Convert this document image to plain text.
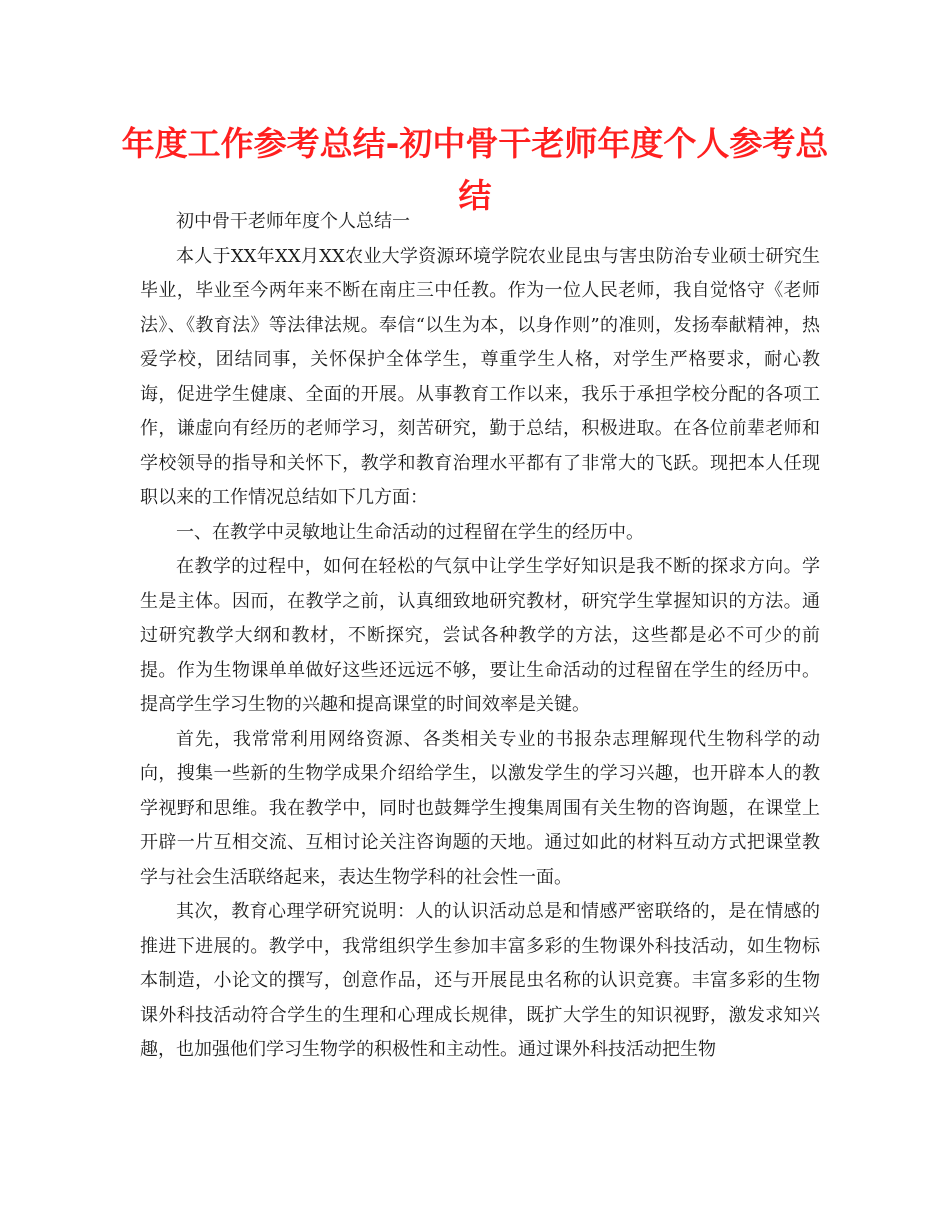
年度工作参考总结-初中骨干老师年度个人参考总结

初中骨干老师年度个人总结一

本人于XX年XX月XX农业大学资源环境学院农业昆虫与害虫防治专业硕士研究生毕业，毕业至今两年来不断在南庄三中任教。作为一位人民老师，我自觉恪守《老师法》、《教育法》等法律法规。奉信“以生为本，以身作则”的准则，发扬奉献精神，热爱学校，团结同事，关怀保护全体学生，尊重学生人格，对学生严格要求，耐心教诲，促进学生健康、全面的开展。从事教育工作以来，我乐于承担学校分配的各项工作，谦虚向有经历的老师学习，刻苦研究，勤于总结，积极进取。在各位前辈老师和学校领导的指导和关怀下，教学和教育治理水平都有了非常大的飞跃。现把本人任现职以来的工作情况总结如下几方面：

一、在教学中灵敏地让生命活动的过程留在学生的经历中。

在教学的过程中，如何在轻松的气氛中让学生学好知识是我不断的探求方向。学生是主体。因而，在教学之前，认真细致地研究教材，研究学生掌握知识的方法。通过研究教学大纲和教材，不断探究，尝试各种教学的方法，这些都是必不可少的前提。作为生物课单单做好这些还远远不够，要让生命活动的过程留在学生的经历中。提高学生学习生物的兴趣和提高课堂的时间效率是关键。

首先，我常常利用网络资源、各类相关专业的书报杂志理解现代生物科学的动向，搜集一些新的生物学成果介绍给学生，以激发学生的学习兴趣，也开辟本人的教学视野和思维。我在教学中，同时也鼓舞学生搜集周围有关生物的咨询题，在课堂上开辟一片互相交流、互相讨论关注咨询题的天地。通过如此的材料互动方式把课堂教学与社会生活联络起来，表达生物学科的社会性一面。

其次，教育心理学研究说明：人的认识活动总是和情感严密联络的，是在情感的推进下进展的。教学中，我常组织学生参加丰富多彩的生物课外科技活动，如生物标本制造，小论文的撰写，创意作品，还与开展昆虫名称的认识竞赛。丰富多彩的生物课外科技活动符合学生的生理和心理成长规律，既扩大学生的知识视野，激发求知兴趣，也加强他们学习生物学的积极性和主动性。通过课外科技活动把生物
